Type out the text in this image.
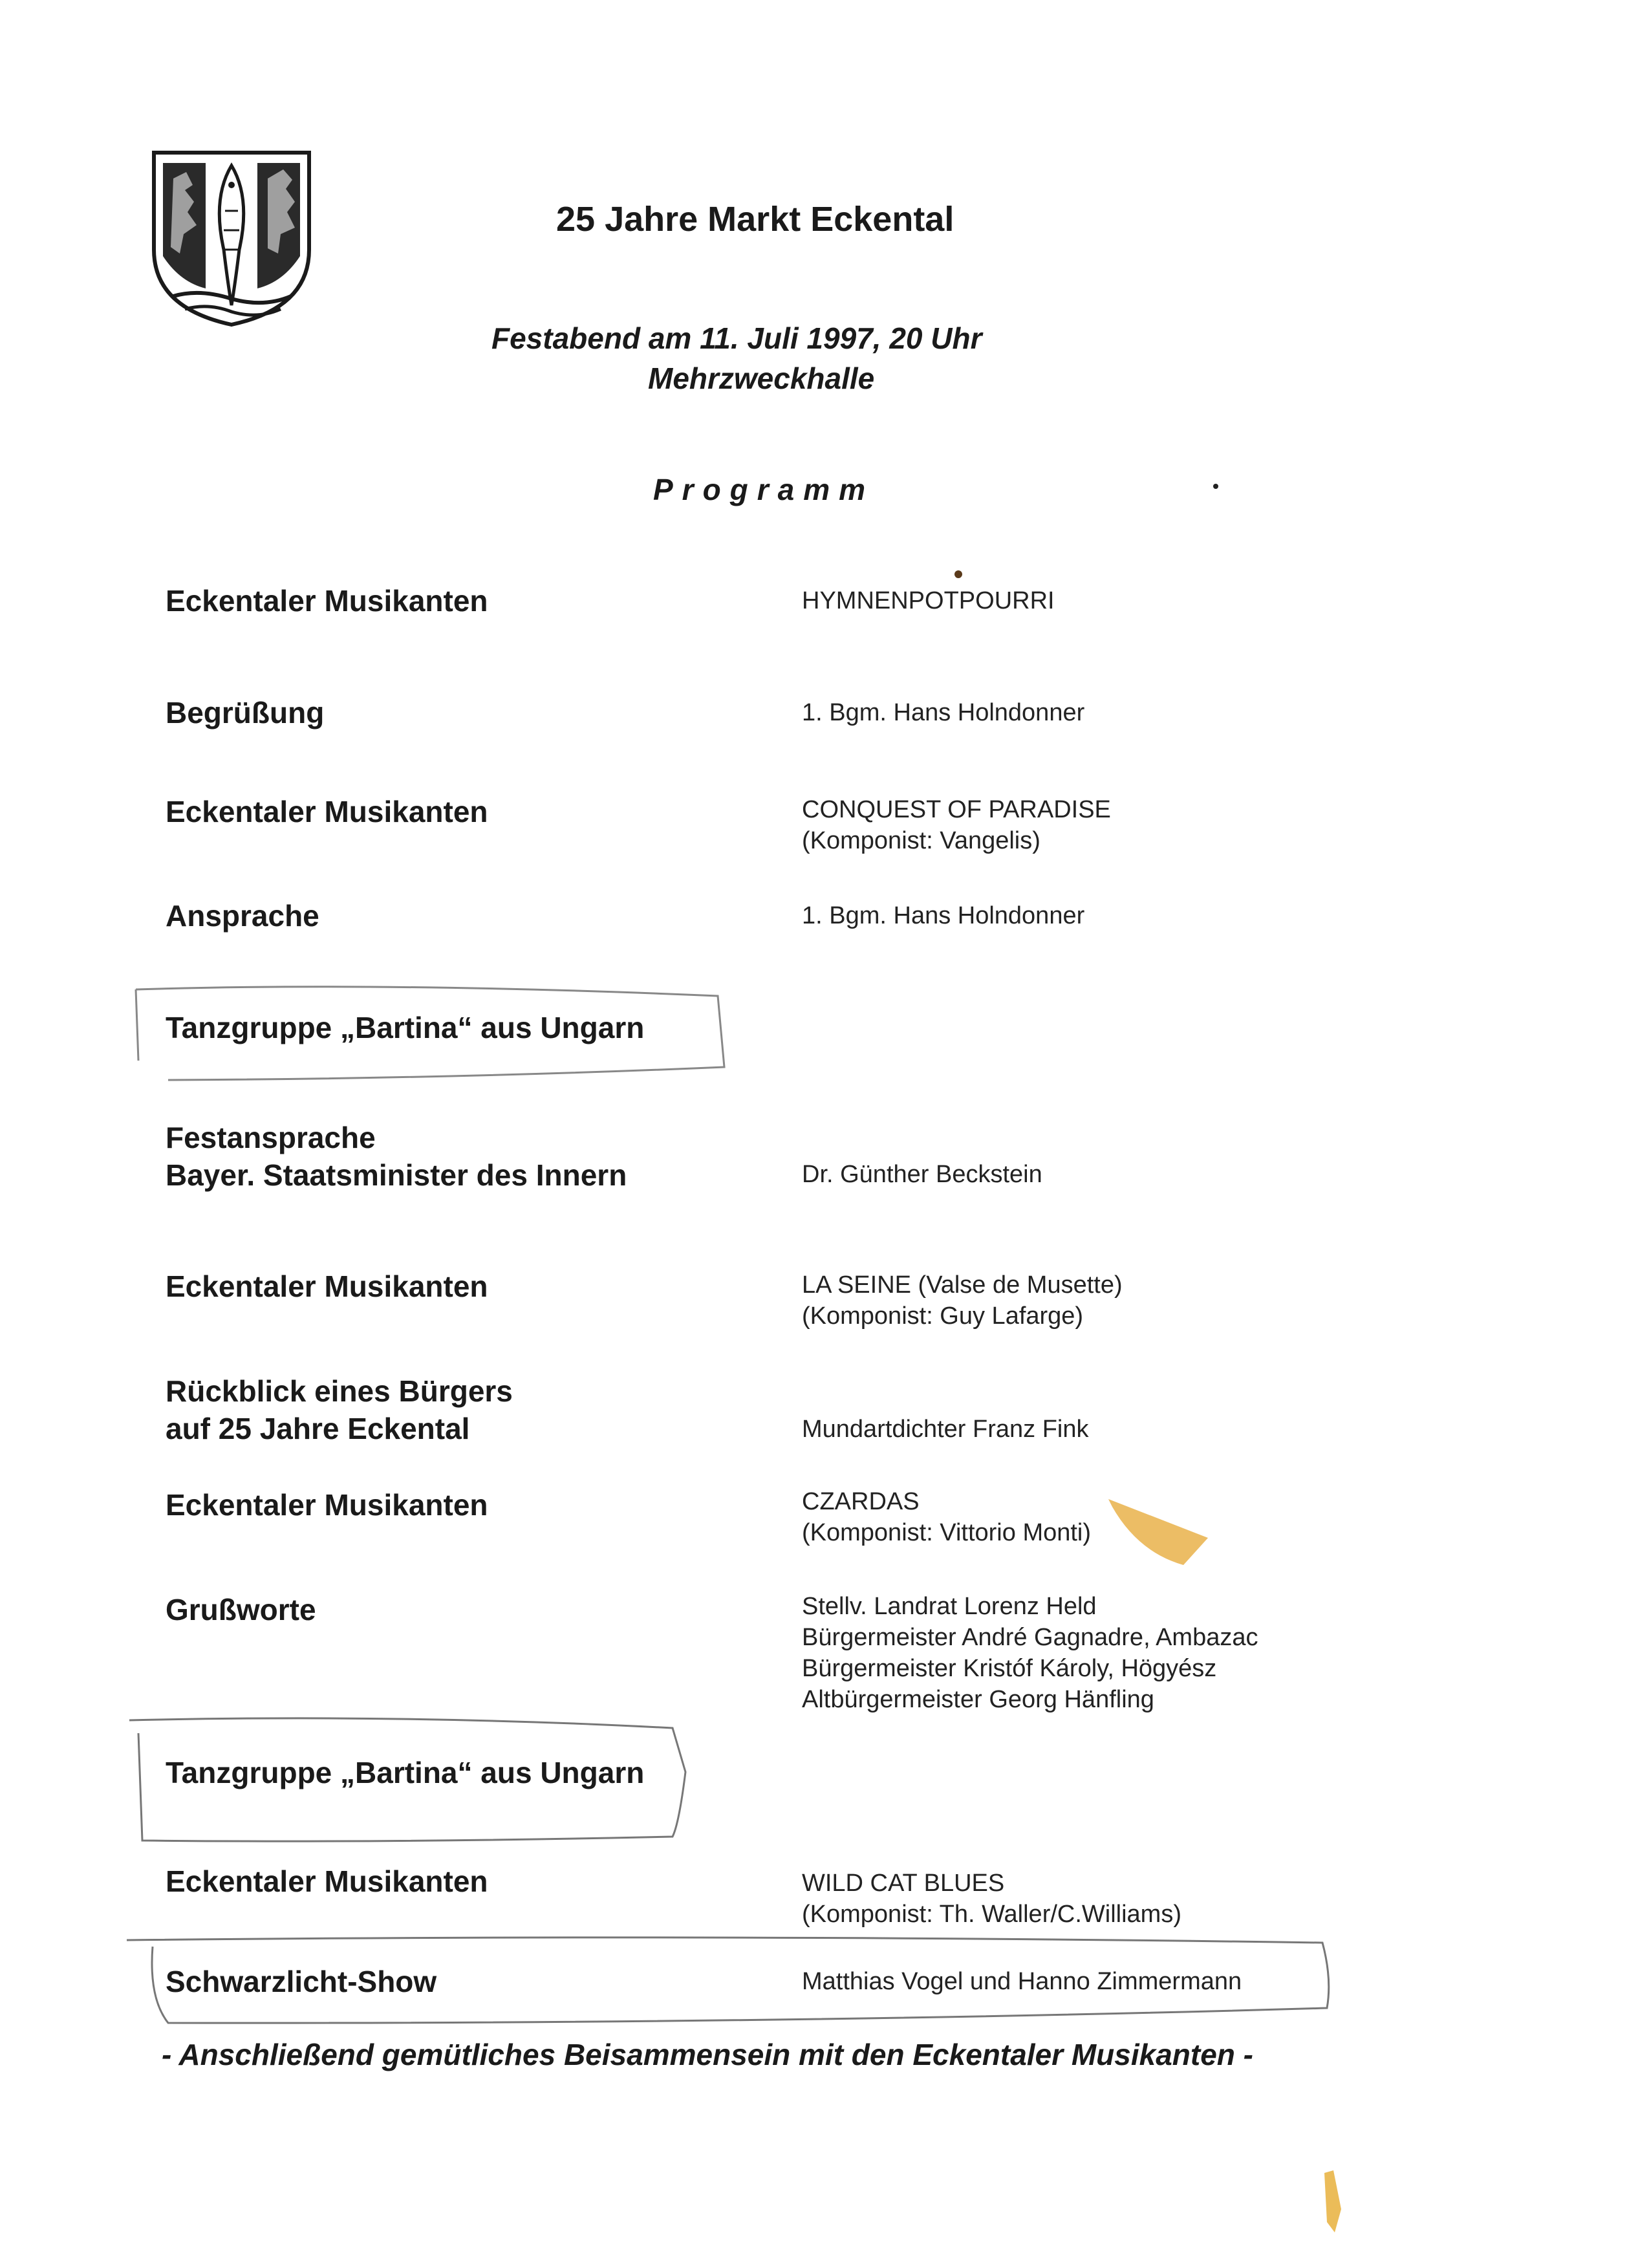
25 Jahre Markt Eckental
Festabend am 11. Juli 1997, 20 Uhr
Mehrzweckhalle
Programm
Eckentaler Musikanten	HYMNENPOTPOURRI
Begrüßung	1. Bgm. Hans Holndonner
Eckentaler Musikanten	CONQUEST OF PARADISE
(Komponist: Vangelis)
Ansprache	1. Bgm. Hans Holndonner
Tanzgruppe „Bartina“ aus Ungarn
Festansprache
Bayer. Staatsminister des Innern	Dr. Günther Beckstein
Eckentaler Musikanten	LA SEINE (Valse de Musette)
(Komponist: Guy Lafarge)
Rückblick eines Bürgers
auf 25 Jahre Eckental	Mundartdichter Franz Fink
Eckentaler Musikanten	CZARDAS
(Komponist: Vittorio Monti)
Grußworte	Stellv. Landrat Lorenz Held
Bürgermeister André Gagnadre, Ambazac
Bürgermeister Kristóf Károly, Högyész
Altbürgermeister Georg Hänfling
Tanzgruppe „Bartina“ aus Ungarn
Eckentaler Musikanten	WILD CAT BLUES
(Komponist: Th. Waller/C.Williams)
Schwarzlicht-Show	Matthias Vogel und Hanno Zimmermann
- Anschließend gemütliches Beisammensein mit den Eckentaler Musikanten -
